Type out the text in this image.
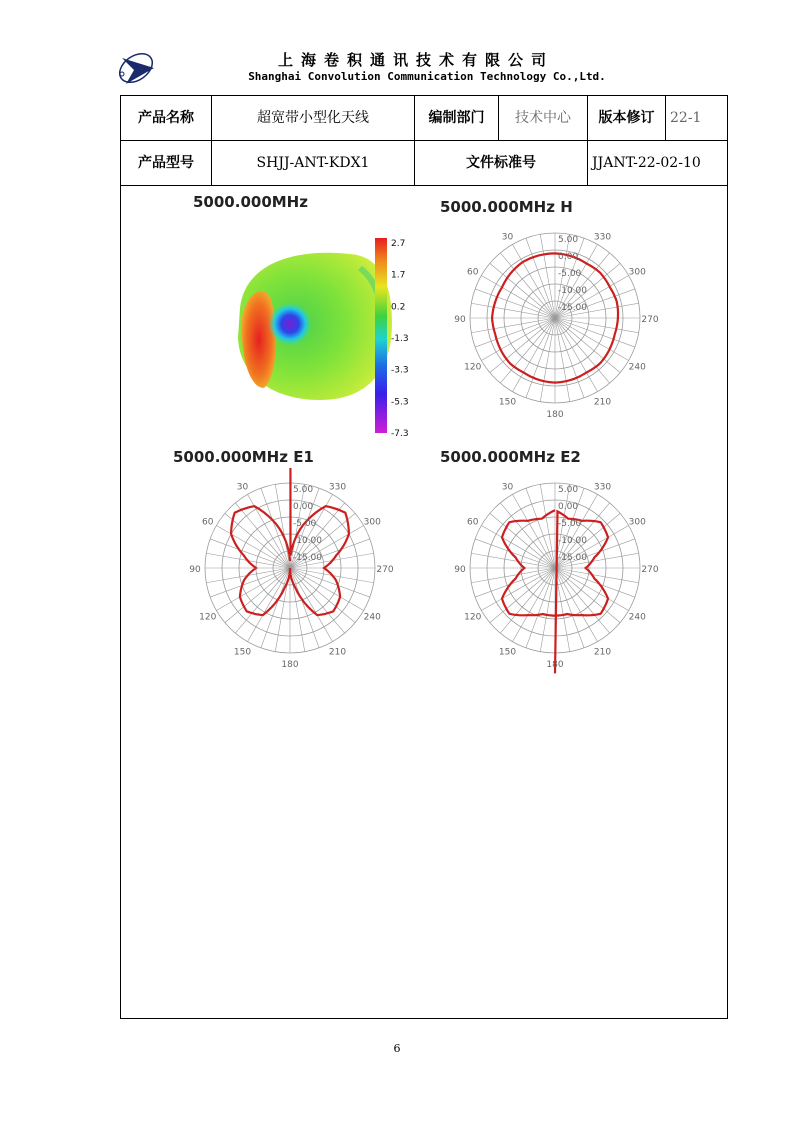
上海卷积通讯技术有限公司
Shanghai Convolution Communication Technology Co.,Ltd.
产品名称	超宽带小型化天线	编制部门	技术中心	版本修订	22-1
产品型号	SHJJ-ANT-KDX1	文件标准号	JJANT-22-02-10
5000.000MHz
2.7
1.7
0.2
-1.3
-3.3
-5.3
-7.3
5000.000MHz H
5.00
0.00
-5.00
-10.00
-15.00
30
60
90
120
150
180
210
240
270
300
330
5000.000MHz E1
5.00
0.00
-5.00
-10.00
-15.00
30
60
90
120
150
180
210
240
270
300
330
5000.000MHz E2
5.00
0.00
-5.00
-10.00
-15.00
30
60
90
120
150
180
210
240
270
300
330
6
